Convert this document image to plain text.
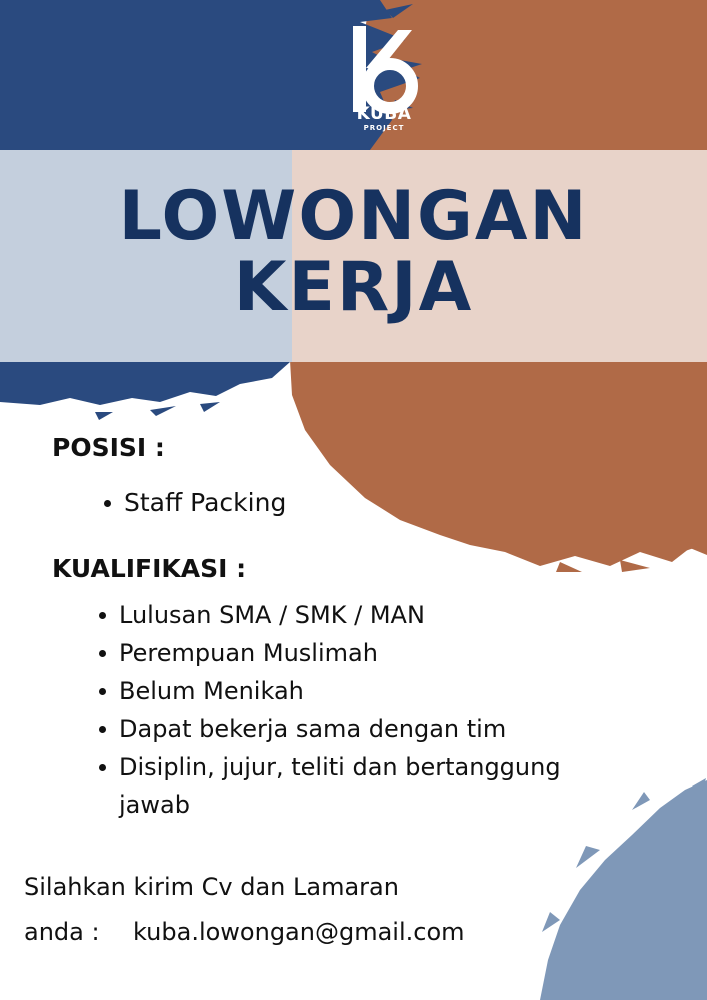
KUBA
PROJECT
LOWONGAN
KERJA
POSISI :
Staff Packing
KUALIFIKASI :
Lulusan SMA / SMK / MAN
Perempuan Muslimah
Belum Menikah
Dapat bekerja sama dengan tim
Disiplin, jujur, teliti dan bertanggung jawab
Silahkan kirim Cv dan Lamaran
anda : kuba.lowongan@gmail.com
